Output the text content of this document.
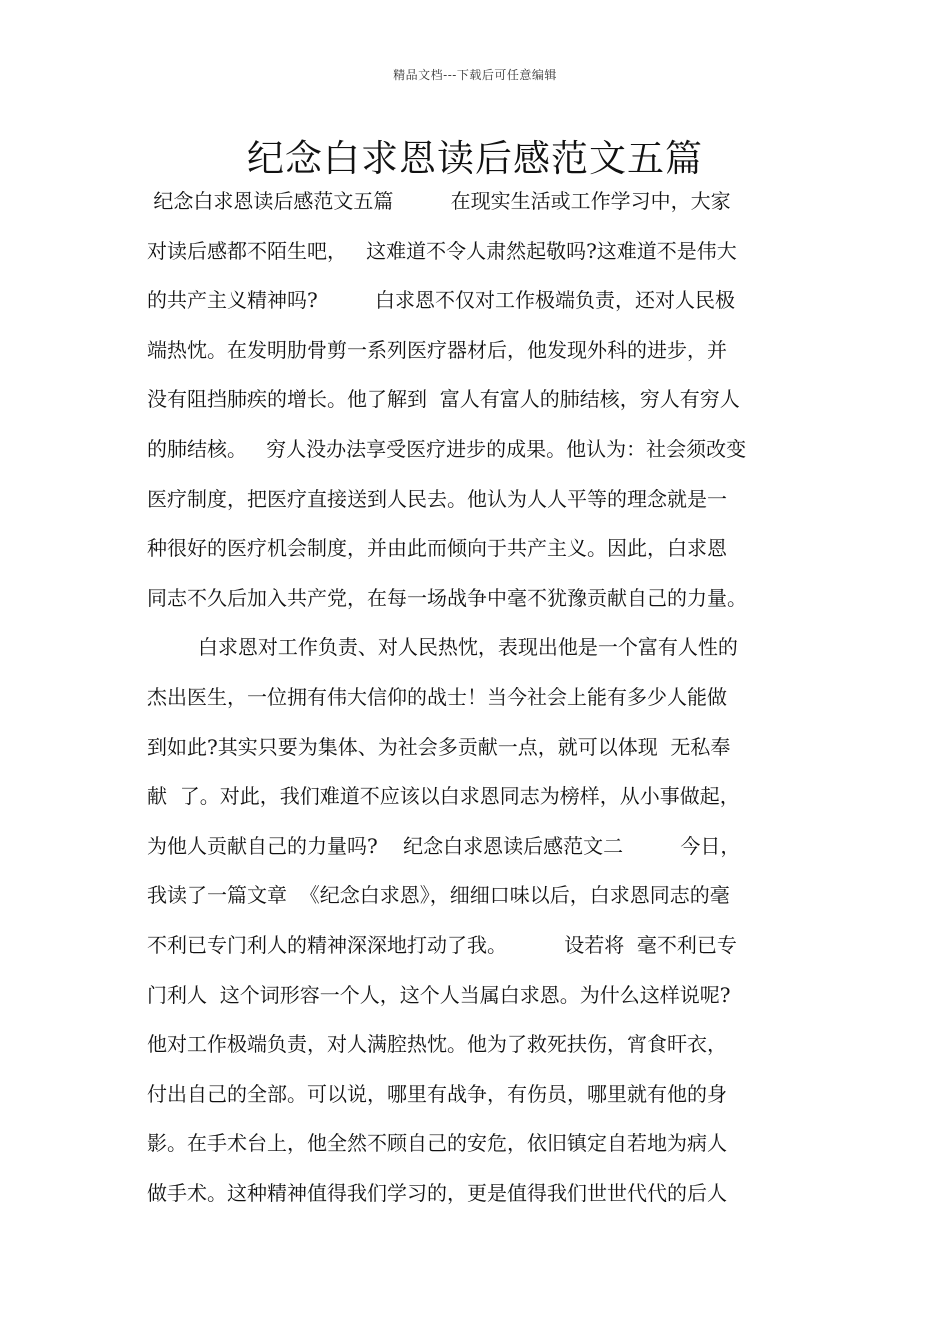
精品文档---下载后可任意编辑
纪念白求恩读后感范文五篇
纪念白求恩读后感范文五篇         在现实生活或工作学习中，大家
对读后感都不陌生吧，   这难道不令人肃然起敬吗?这难道不是伟大
的共产主义精神吗?         白求恩不仅对工作极端负责，还对人民极
端热忱。在发明肋骨剪一系列医疗器材后，他发现外科的进步，并
没有阻挡肺疾的增长。他了解到  富人有富人的肺结核，穷人有穷人
的肺结核。   穷人没办法享受医疗进步的成果。他认为：社会须改变
医疗制度，把医疗直接送到人民去。他认为人人平等的理念就是一
种很好的医疗机会制度，并由此而倾向于共产主义。因此，白求恩
同志不久后加入共产党，在每一场战争中毫不犹豫贡献自己的力量。
白求恩对工作负责、对人民热忱，表现出他是一个富有人性的
杰出医生，一位拥有伟大信仰的战士！当今社会上能有多少人能做
到如此?其实只要为集体、为社会多贡献一点，就可以体现  无私奉
献  了。对此，我们难道不应该以白求恩同志为榜样，从小事做起，
为他人贡献自己的力量吗?    纪念白求恩读后感范文二         今日，
我读了一篇文章  《纪念白求恩》，细细口味以后，白求恩同志的毫
不利已专门利人的精神深深地打动了我。         设若将  毫不利已专
门利人  这个词形容一个人，这个人当属白求恩。为什么这样说呢?
他对工作极端负责，对人满腔热忱。他为了救死扶伤，宵食旰衣，
付出自己的全部。可以说，哪里有战争，有伤员，哪里就有他的身
影。在手术台上，他全然不顾自己的安危，依旧镇定自若地为病人
做手术。这种精神值得我们学习的，更是值得我们世世代代的后人
